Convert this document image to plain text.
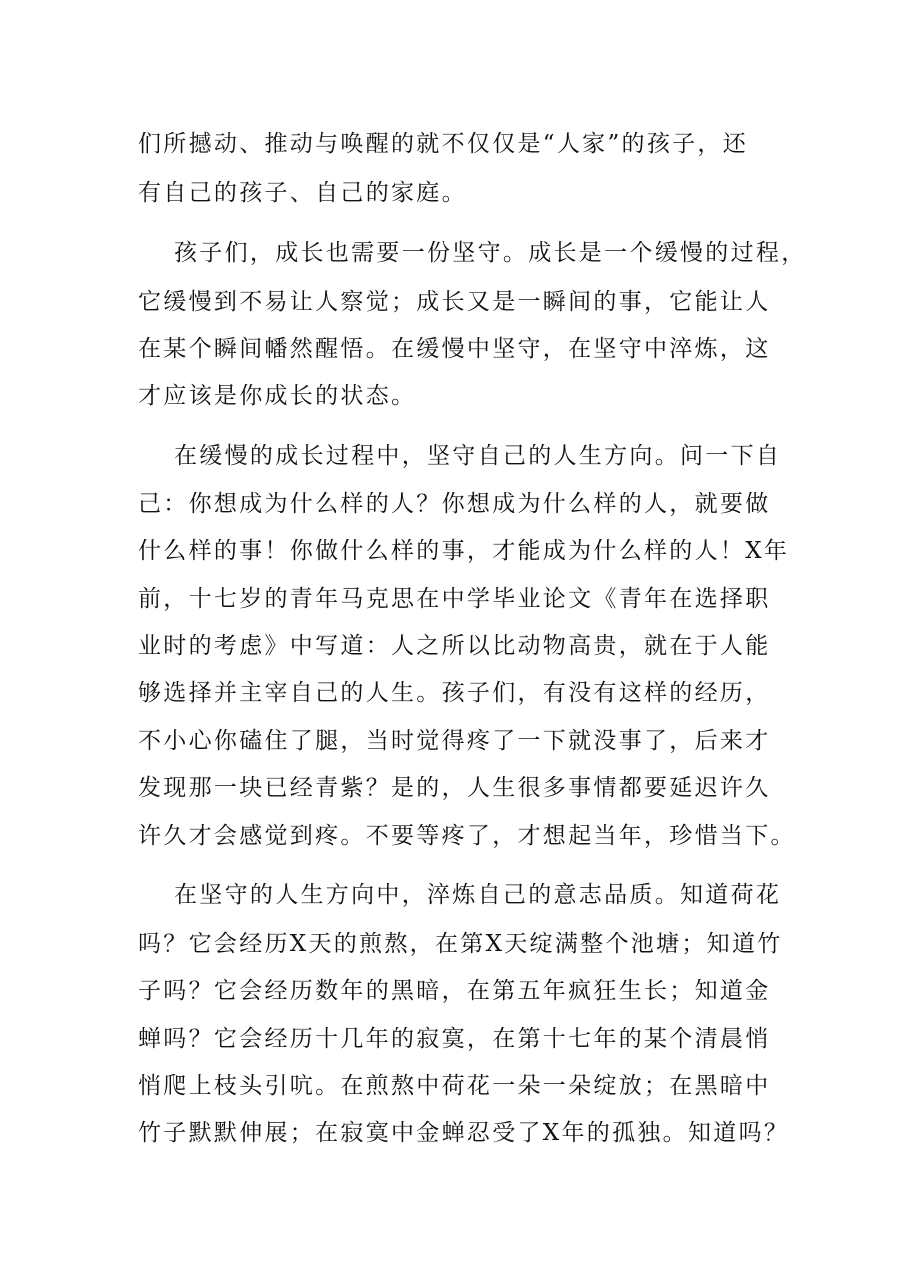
们所撼动、推动与唤醒的就不仅仅是“人家”的孩子，还
有自己的孩子、自己的家庭。
孩子们，成长也需要一份坚守。成长是一个缓慢的过程，
它缓慢到不易让人察觉；成长又是一瞬间的事，它能让人
在某个瞬间幡然醒悟。在缓慢中坚守，在坚守中淬炼，这
才应该是你成长的状态。
在缓慢的成长过程中，坚守自己的人生方向。问一下自
己：你想成为什么样的人？你想成为什么样的人，就要做
什么样的事！你做什么样的事，才能成为什么样的人！X年
前，十七岁的青年马克思在中学毕业论文《青年在选择职
业时的考虑》中写道：人之所以比动物高贵，就在于人能
够选择并主宰自己的人生。孩子们，有没有这样的经历，
不小心你磕住了腿，当时觉得疼了一下就没事了，后来才
发现那一块已经青紫？是的，人生很多事情都要延迟许久
许久才会感觉到疼。不要等疼了，才想起当年，珍惜当下。
在坚守的人生方向中，淬炼自己的意志品质。知道荷花
吗？它会经历X天的煎熬，在第X天绽满整个池塘；知道竹
子吗？它会经历数年的黑暗，在第五年疯狂生长；知道金
蝉吗？它会经历十几年的寂寞，在第十七年的某个清晨悄
悄爬上枝头引吭。在煎熬中荷花一朵一朵绽放；在黑暗中
竹子默默伸展；在寂寞中金蝉忍受了X年的孤独。知道吗？
